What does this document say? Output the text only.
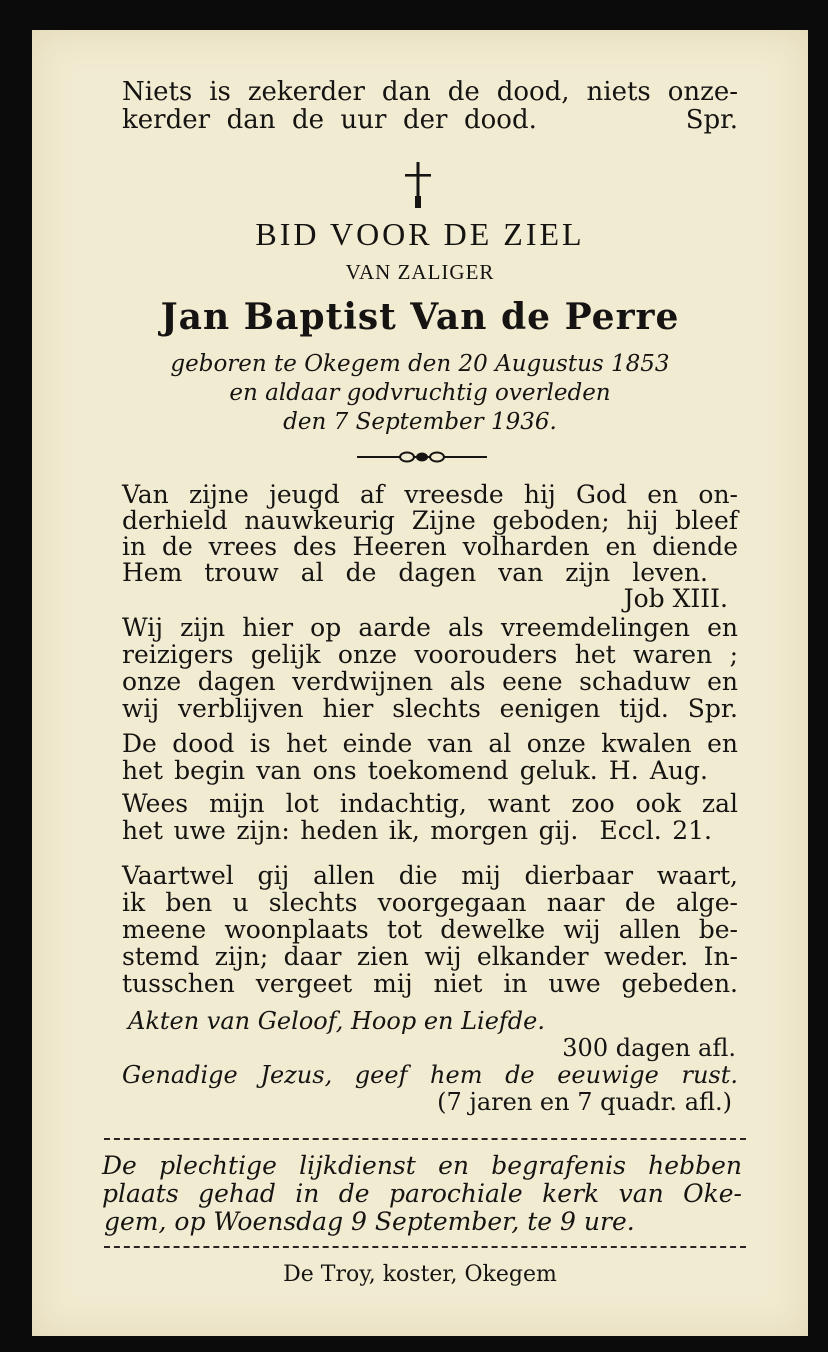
Niets is zekerder dan de dood, niets onze-
kerder dan de uur der dood.         Spr.
BID VOOR DE ZIEL
VAN ZALIGER
Jan Baptist Van de Perre
geboren te Okegem den 20 Augustus 1853
en aldaar godvruchtig overleden
den 7 September 1936.
Van zijne jeugd af vreesde hij God en on-
derhield nauwkeurig Zijne geboden; hij bleef
in de vrees des Heeren volharden en diende
Hem trouw al de dagen van zijn leven.
Job XIII.
Wij zijn hier op aarde als vreemdelingen en
reizigers gelijk onze voorouders het waren ;
onze dagen verdwijnen als eene schaduw en
wij verblijven hier slechts eenigen tijd. Spr.
De dood is het einde van al onze kwalen en
het begin van ons toekomend geluk. H. Aug.
Wees mijn lot indachtig, want zoo ook zal
het uwe zijn: heden ik, morgen gij.  Eccl. 21.
Vaartwel gij allen die mij dierbaar waart,
ik ben u slechts voorgegaan naar de alge-
meene woonplaats tot dewelke wij allen be-
stemd zijn; daar zien wij elkander weder. In-
tusschen vergeet mij niet in uwe gebeden.
Akten van Geloof, Hoop en Liefde.
300 dagen afl.
Genadige Jezus, geef hem de eeuwige rust.
(7 jaren en 7 quadr. afl.)
De plechtige lijkdienst en begrafenis hebben
plaats gehad in de parochiale kerk van Oke-
gem, op Woensdag 9 September, te 9 ure.
De Troy, koster, Okegem
